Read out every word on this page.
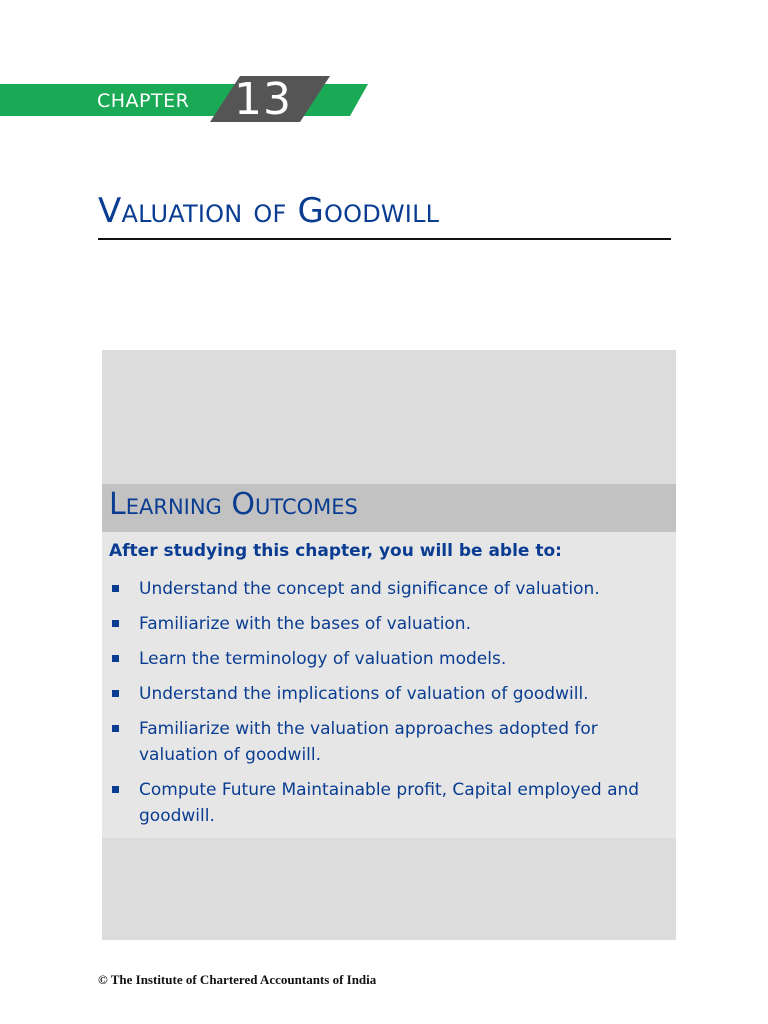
CHAPTER 13
Valuation of Goodwill
Learning Outcomes
After studying this chapter, you will be able to:
Understand the concept and significance of valuation.
Familiarize with the bases of valuation.
Learn the terminology of valuation models.
Understand the implications of valuation of goodwill.
Familiarize with the valuation approaches adopted for valuation of goodwill.
Compute Future Maintainable profit, Capital employed and goodwill.
© The Institute of Chartered Accountants of India
